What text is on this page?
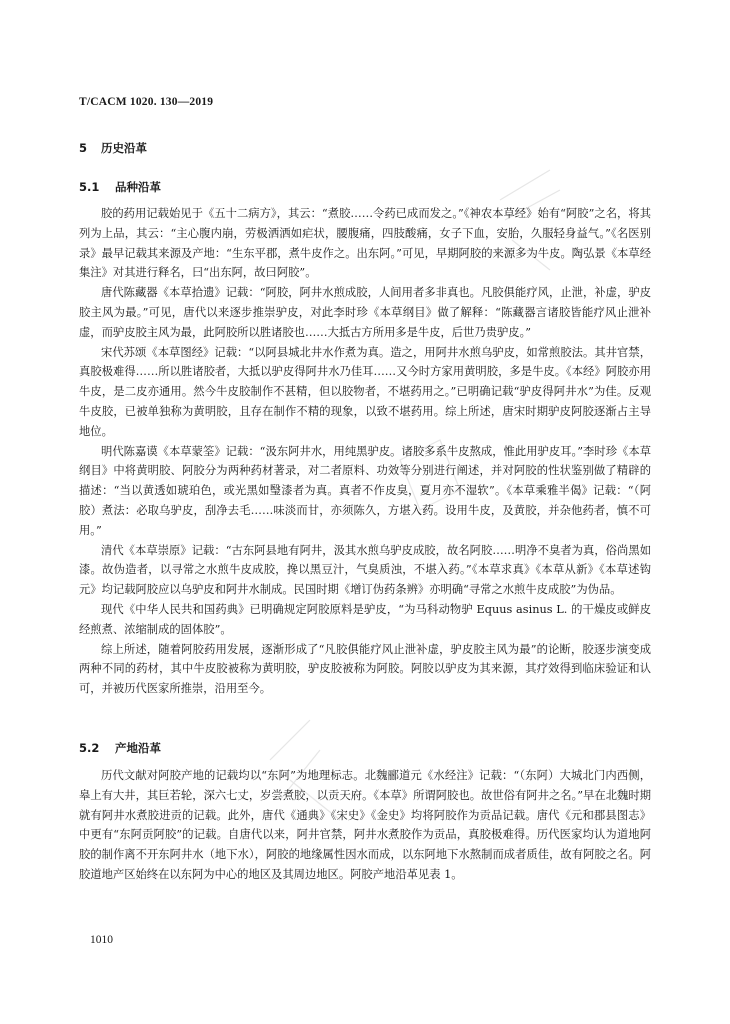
T/CACM 1020. 130—2019
5 历史沿革
5.1 品种沿革

胶的药用记载始见于《五十二病方》，其云：“煮胶……令药已成而发之。”《神农本草经》始有“阿胶”之名，将其列为上品，其云：“主心腹内崩，劳极洒洒如疟状，腰腹痛，四肢酸痛，女子下血，安胎，久服轻身益气。”《名医别录》最早记载其来源及产地：“生东平郡，煮牛皮作之。出东阿。”可见，早期阿胶的来源多为牛皮。陶弘景《本草经集注》对其进行释名，曰“出东阿，故曰阿胶”。

唐代陈藏器《本草拾遗》记载：“阿胶，阿井水煎成胶，人间用者多非真也。凡胶俱能疗风，止泄，补虚，驴皮胶主风为最。”可见，唐代以来逐步推崇驴皮，对此李时珍《本草纲目》做了解释：“陈藏器言诸胶皆能疗风止泄补虚，而驴皮胶主风为最，此阿胶所以胜诸胶也……大抵古方所用多是牛皮，后世乃贵驴皮。”

宋代苏颂《本草图经》记载：“以阿县城北井水作煮为真。造之，用阿井水煎乌驴皮，如常煎胶法。其井官禁，真胶极难得……所以胜诸胶者，大抵以驴皮得阿井水乃佳耳……又今时方家用黄明胶，多是牛皮。《本经》阿胶亦用牛皮，是二皮亦通用。然今牛皮胶制作不甚精，但以胶物者，不堪药用之。”已明确记载“驴皮得阿井水”为佳。反观牛皮胶，已被单独称为黄明胶，且存在制作不精的现象，以致不堪药用。综上所述，唐宋时期驴皮阿胶逐渐占主导地位。

明代陈嘉谟《本草蒙筌》记载：“汲东阿井水，用纯黑驴皮。诸胶多系牛皮熬成，惟此用驴皮耳。”李时珍《本草纲目》中将黄明胶、阿胶分为两种药材著录，对二者原料、功效等分别进行阐述，并对阿胶的性状鉴别做了精辟的描述：“当以黄透如琥珀色，或光黑如瑿漆者为真。真者不作皮臭，夏月亦不湿软”。《本草乘雅半偈》记载：“（阿胶）煮法：必取乌驴皮，刮净去毛……味淡而甘，亦须陈久，方堪入药。设用牛皮，及黄胶，并杂他药者，慎不可用。”

清代《本草崇原》记载：“古东阿县地有阿井，汲其水煎乌驴皮成胶，故名阿胶……明净不臭者为真，俗尚黑如漆。故伪造者，以寻常之水煎牛皮成胶，搀以黑豆汁，气臭质浊，不堪入药。”《本草求真》《本草从新》《本草述钩元》均记载阿胶应以乌驴皮和阿井水制成。民国时期《增订伪药条辨》亦明确“寻常之水煎牛皮成胶”为伪品。

现代《中华人民共和国药典》已明确规定阿胶原料是驴皮，“为马科动物驴 Equus asinus L. 的干燥皮或鲜皮经煎煮、浓缩制成的固体胶”。

综上所述，随着阿胶药用发展，逐渐形成了“凡胶俱能疗风止泄补虚，驴皮胶主风为最”的论断，胶逐步演变成两种不同的药材，其中牛皮胶被称为黄明胶，驴皮胶被称为阿胶。阿胶以驴皮为其来源，其疗效得到临床验证和认可，并被历代医家所推崇，沿用至今。

5.2 产地沿革

历代文献对阿胶产地的记载均以“东阿”为地理标志。北魏郦道元《水经注》记载：“（东阿）大城北门内西侧，皋上有大井，其巨若轮，深六七丈，岁尝煮胶，以贡天府。《本草》所谓阿胶也。故世俗有阿井之名。”早在北魏时期就有阿井水煮胶进贡的记载。此外，唐代《通典》《宋史》《金史》均将阿胶作为贡品记载。唐代《元和郡县图志》中更有“东阿贡阿胶”的记载。自唐代以来，阿井官禁，阿井水煮胶作为贡品，真胶极难得。历代医家均认为道地阿胶的制作离不开东阿井水（地下水），阿胶的地缘属性因水而成，以东阿地下水熬制而成者质佳，故有阿胶之名。阿胶道地产区始终在以东阿为中心的地区及其周边地区。阿胶产地沿革见表 1。

1010
